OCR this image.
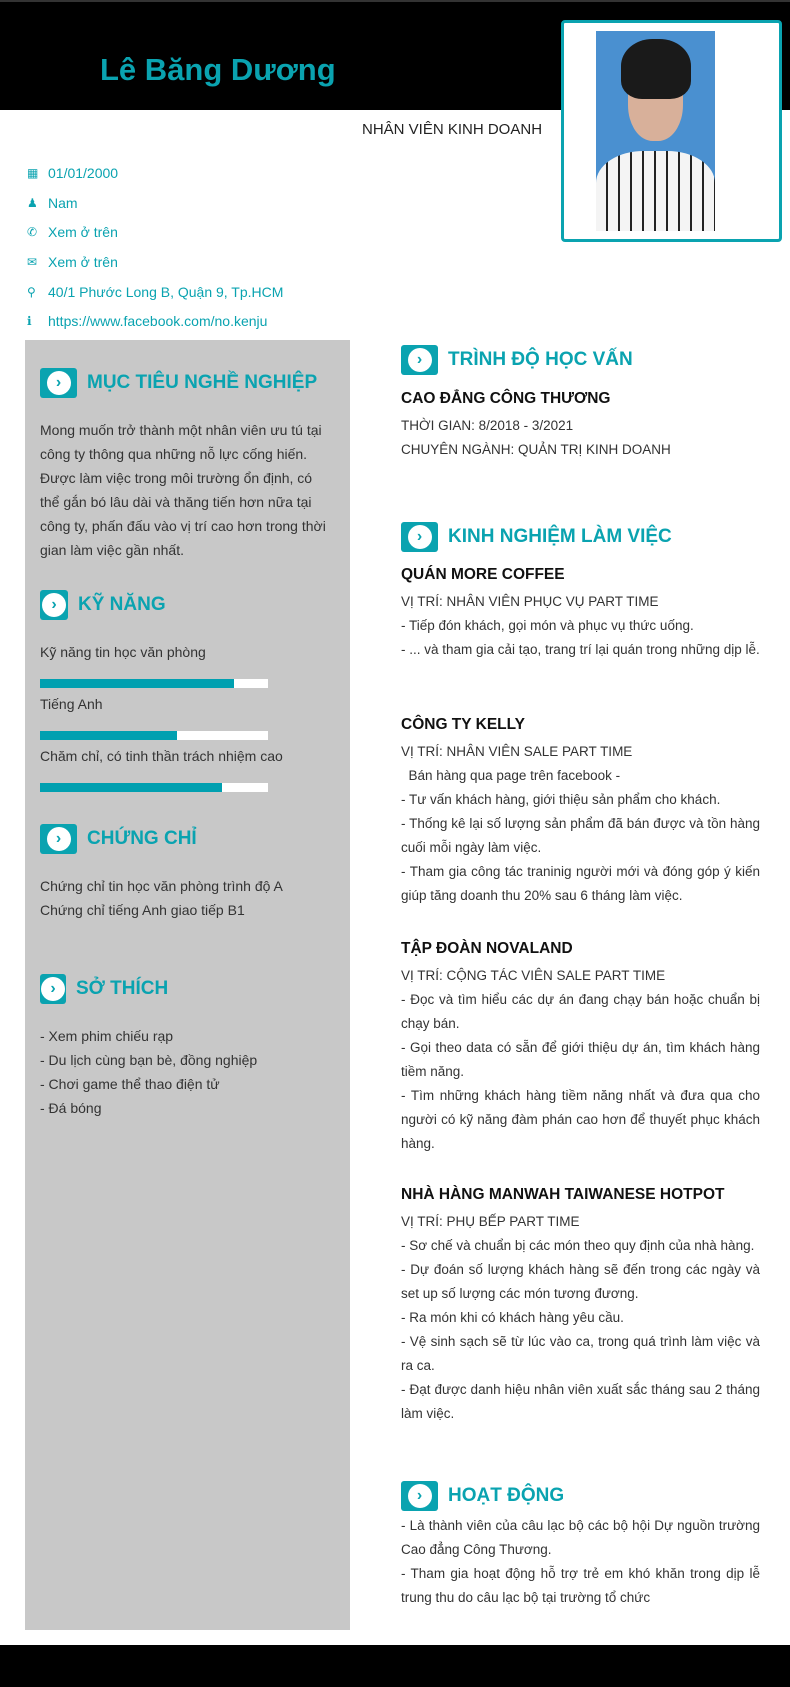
Lê Băng Dương
NHÂN VIÊN KINH DOANH
▦ 01/01/2000
♟ Nam
✆ Xem ở trên
✉ Xem ở trên
⚲ 40/1 Phước Long B, Quận 9, Tp.HCM
ℹ	https://www.facebook.com/no.kenju
›	MỤC TIÊU NGHỀ NGHIỆP
Mong muốn trở thành một nhân viên ưu tú tại công ty thông qua những nỗ lực cống hiến. Được làm việc trong môi trường ổn định, có thể gắn bó lâu dài và thăng tiến hơn nữa tại công ty, phấn đấu vào vị trí cao hơn trong thời gian làm việc gần nhất.
›	KỸ NĂNG
Kỹ năng tin học văn phòng
Tiếng Anh
Chăm chỉ, có tinh thần trách nhiệm cao
›	CHỨNG CHỈ
Chứng chỉ tin học văn phòng trình độ A
Chứng chỉ tiếng Anh giao tiếp B1
›	SỞ THÍCH
- Xem phim chiếu rạp
- Du lịch cùng bạn bè, đồng nghiệp
- Chơi game thể thao điện tử
- Đá bóng
›	TRÌNH ĐỘ HỌC VẤN
CAO ĐẲNG CÔNG THƯƠNG
THỜI GIAN: 8/2018 - 3/2021
CHUYÊN NGÀNH: QUẢN TRỊ KINH DOANH
›	KINH NGHIỆM LÀM VIỆC
QUÁN MORE COFFEE
VỊ TRÍ: NHÂN VIÊN PHỤC VỤ PART TIME
- Tiếp đón khách, gọi món và phục vụ thức uống.
- ... và tham gia cải tạo, trang trí lại quán trong những dịp lễ.
CÔNG TY KELLY
VỊ TRÍ: NHÂN VIÊN SALE PART TIME
Bán hàng qua page trên facebook -
- Tư vấn khách hàng, giới thiệu sản phẩm cho khách.
- Thống kê lại số lượng sản phẩm đã bán được và tồn hàng cuối mỗi ngày làm việc.
- Tham gia công tác traninig người mới và đóng góp ý kiến giúp tăng doanh thu 20% sau 6 tháng làm việc.
TẬP ĐOÀN NOVALAND
VỊ TRÍ: CỘNG TÁC VIÊN SALE PART TIME
- Đọc và tìm hiểu các dự án đang chạy bán hoặc chuẩn bị chạy bán.
- Gọi theo data có sẵn để giới thiệu dự án, tìm khách hàng tiềm năng.
- Tìm những khách hàng tiềm năng nhất và đưa qua cho người có kỹ năng đàm phán cao hơn để thuyết phục khách hàng.
NHÀ HÀNG MANWAH TAIWANESE HOTPOT
VỊ TRÍ: PHỤ BẾP PART TIME
- Sơ chế và chuẩn bị các món theo quy định của nhà hàng.
- Dự đoán số lượng khách hàng sẽ đến trong các ngày và set up số lượng các món tương đương.
- Ra món khi có khách hàng yêu cầu.
- Vệ sinh sạch sẽ từ lúc vào ca, trong quá trình làm việc và ra ca.
- Đạt được danh hiệu nhân viên xuất sắc tháng sau 2 tháng làm việc.
›	HOẠT ĐỘNG
- Là thành viên của câu lạc bộ các bộ hội Dự nguồn trường Cao đẳng Công Thương.
- Tham gia hoạt động hỗ trợ trẻ em khó khăn trong dịp lễ trung thu do câu lạc bộ tại trường tổ chức
